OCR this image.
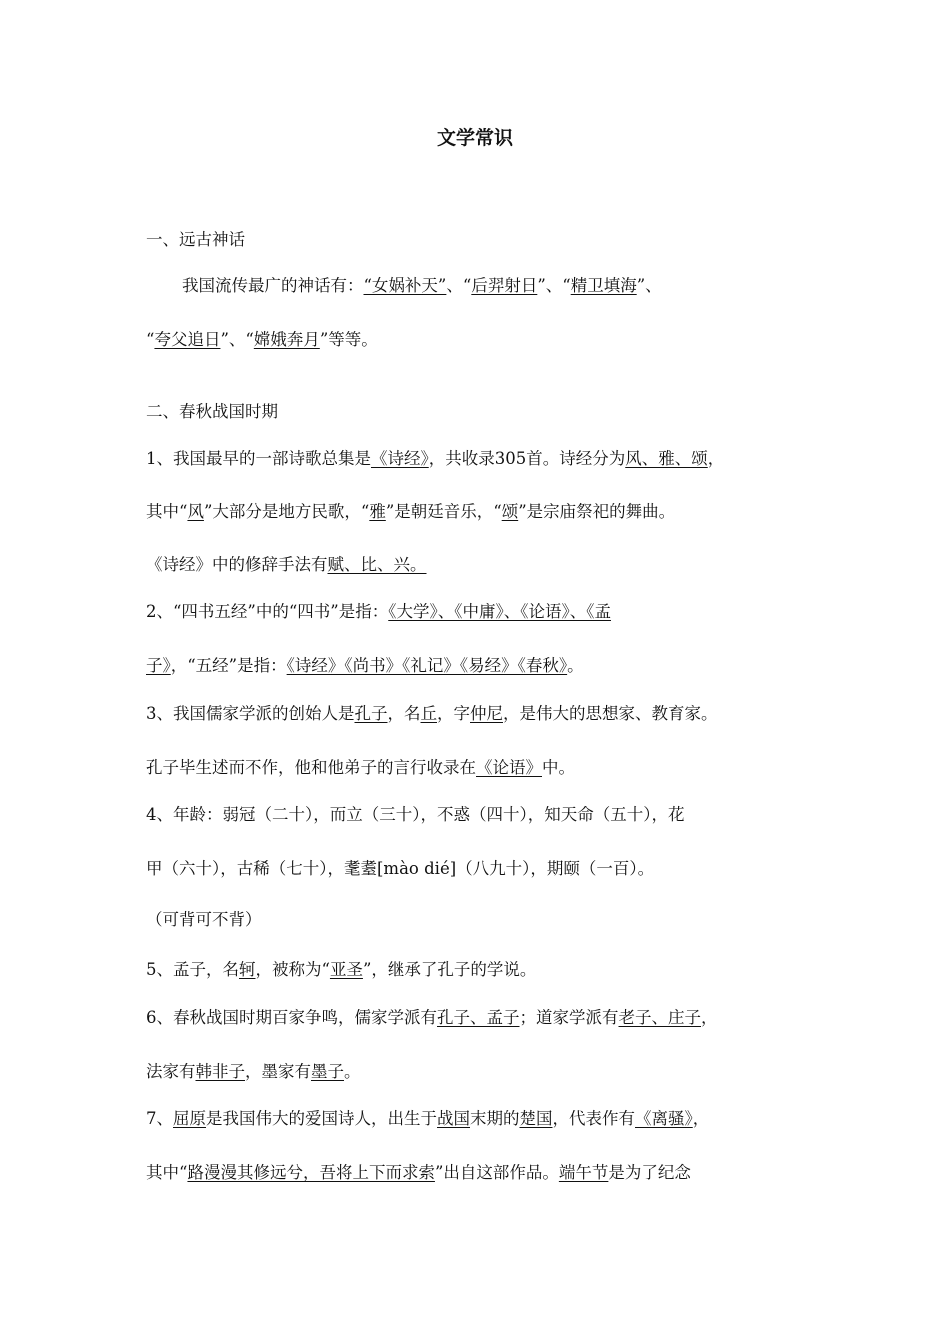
文学常识
一、远古神话
我国流传最广的神话有：“女娲补天”、“后羿射日”、“精卫填海”、
“夸父追日”、“嫦娥奔月”等等。
二、春秋战国时期
1、我国最早的一部诗歌总集是《诗经》，共收录305首。诗经分为风、雅、颂，
其中“风”大部分是地方民歌，“雅”是朝廷音乐，“颂”是宗庙祭祀的舞曲。
《诗经》中的修辞手法有赋、比、兴。
2、“四书五经”中的“四书”是指：《大学》、《中庸》、《论语》、《孟
子》，“五经”是指：《诗经》《尚书》《礼记》《易经》《春秋》。
3、我国儒家学派的创始人是孔子，名丘，字仲尼，是伟大的思想家、教育家。
孔子毕生述而不作，他和他弟子的言行收录在《论语》中。
4、年龄：弱冠（二十），而立（三十），不惑（四十），知天命（五十），花
甲（六十），古稀（七十），耄耋[mào dié]（八九十），期颐（一百）。
（可背可不背）
5、孟子，名轲，被称为“亚圣”，继承了孔子的学说。
6、春秋战国时期百家争鸣，儒家学派有孔子、孟子；道家学派有老子、庄子，
法家有韩非子，墨家有墨子。
7、屈原是我国伟大的爱国诗人，出生于战国末期的楚国，代表作有《离骚》，
其中“路漫漫其修远兮，吾将上下而求索”出自这部作品。端午节是为了纪念
